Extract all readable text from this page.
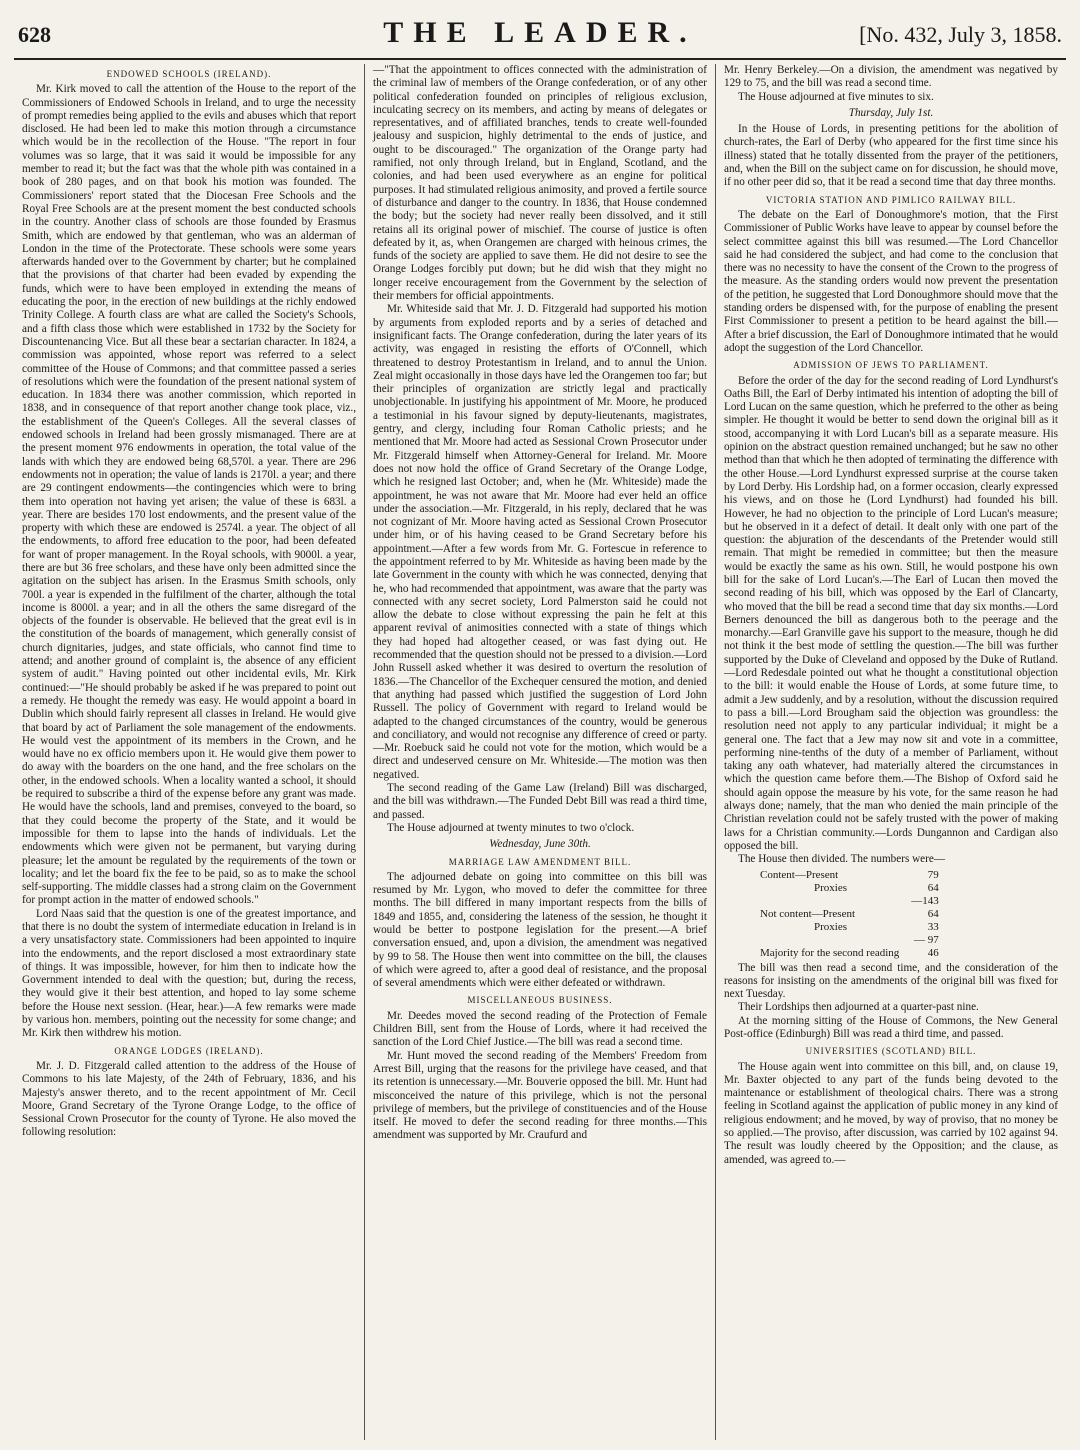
628	THE LEADER.	[No. 432, July 3, 1858.
ENDOWED SCHOOLS (IRELAND).

Mr. Kirk moved to call the attention of the House to the report of the Commissioners of Endowed Schools in Ireland, and to urge the necessity of prompt remedies being applied to the evils and abuses which that report disclosed. He had been led to make this motion through a circumstance which would be in the recollection of the House. "The report in four volumes was so large, that it was said it would be impossible for any member to read it; but the fact was that the whole pith was contained in a book of 280 pages, and on that book his motion was founded. The Commissioners' report stated that the Diocesan Free Schools and the Royal Free Schools are at the present moment the best conducted schools in the country. Another class of schools are those founded by Erasmus Smith, which are endowed by that gentleman, who was an alderman of London in the time of the Protectorate. These schools were some years afterwards handed over to the Government by charter; but he complained that the provisions of that charter had been evaded by expending the funds, which were to have been employed in extending the means of educating the poor, in the erection of new buildings at the richly endowed Trinity College. A fourth class are what are called the Society's Schools, and a fifth class those which were established in 1732 by the Society for Discountenancing Vice. But all these bear a sectarian character. In 1824, a commission was appointed, whose report was referred to a select committee of the House of Commons; and that committee passed a series of resolutions which were the foundation of the present national system of education. In 1834 there was another commission, which reported in 1838, and in consequence of that report another change took place, viz., the establishment of the Queen's Colleges. All the several classes of endowed schools in Ireland had been grossly mismanaged. There are at the present moment 976 endowments in operation, the total value of the lands with which they are endowed being 68,570l. a year. There are 296 endowments not in operation; the value of lands is 2170l. a year; and there are 29 contingent endowments—the contingencies which were to bring them into operation not having yet arisen; the value of these is 683l. a year. There are besides 170 lost endowments, and the present value of the property with which these are endowed is 2574l. a year. The object of all the endowments, to afford free education to the poor, had been defeated for want of proper management. In the Royal schools, with 9000l. a year, there are but 36 free scholars, and these have only been admitted since the agitation on the subject has arisen. In the Erasmus Smith schools, only 700l. a year is expended in the fulfilment of the charter, although the total income is 8000l. a year; and in all the others the same disregard of the objects of the founder is observable. He believed that the great evil is in the constitution of the boards of management, which generally consist of church dignitaries, judges, and state officials, who cannot find time to attend; and another ground of complaint is, the absence of any efficient system of audit." Having pointed out other incidental evils, Mr. Kirk continued:—"He should probably be asked if he was prepared to point out a remedy. He thought the remedy was easy. He would appoint a board in Dublin which should fairly represent all classes in Ireland. He would give that board by act of Parliament the sole management of the endowments. He would vest the appointment of its members in the Crown, and he would have no ex officio members upon it. He would give them power to do away with the boarders on the one hand, and the free scholars on the other, in the endowed schools. When a locality wanted a school, it should be required to subscribe a third of the expense before any grant was made. He would have the schools, land and premises, conveyed to the board, so that they could become the property of the State, and it would be impossible for them to lapse into the hands of individuals. Let the endowments which were given not be permanent, but varying during pleasure; let the amount be regulated by the requirements of the town or locality; and let the board fix the fee to be paid, so as to make the school self-supporting. The middle classes had a strong claim on the Government for prompt action in the matter of endowed schools."

Lord Naas said that the question is one of the greatest importance, and that there is no doubt the system of intermediate education in Ireland is in a very unsatisfactory state. Commissioners had been appointed to inquire into the endowments, and the report disclosed a most extraordinary state of things. It was impossible, however, for him then to indicate how the Government intended to deal with the question; but, during the recess, they would give it their best attention, and hoped to lay some scheme before the House next session. (Hear, hear.)—A few remarks were made by various hon. members, pointing out the necessity for some change; and Mr. Kirk then withdrew his motion.

ORANGE LODGES (IRELAND).

Mr. J. D. Fitzgerald called attention to the address of the House of Commons to his late Majesty, of the 24th of February, 1836, and his Majesty's answer thereto, and to the recent appointment of Mr. Cecil Moore, Grand Secretary of the Tyrone Orange Lodge, to the office of Sessional Crown Prosecutor for the county of Tyrone. He also moved the following resolution:

—"That the appointment to offices connected with the administration of the criminal law of members of the Orange confederation, or of any other political confederation founded on principles of religious exclusion, inculcating secrecy on its members, and acting by means of delegates or representatives, and of affiliated branches, tends to create well-founded jealousy and suspicion, highly detrimental to the ends of justice, and ought to be discouraged." The organization of the Orange party had ramified, not only through Ireland, but in England, Scotland, and the colonies, and had been used everywhere as an engine for political purposes. It had stimulated religious animosity, and proved a fertile source of disturbance and danger to the country. In 1836, that House condemned the body; but the society had never really been dissolved, and it still retains all its original power of mischief. The course of justice is often defeated by it, as, when Orangemen are charged with heinous crimes, the funds of the society are applied to save them. He did not desire to see the Orange Lodges forcibly put down; but he did wish that they might no longer receive encouragement from the Government by the selection of their members for official appointments.

Mr. Whiteside said that Mr. J. D. Fitzgerald had supported his motion by arguments from exploded reports and by a series of detached and insignificant facts. The Orange confederation, during the later years of its activity, was engaged in resisting the efforts of O'Connell, which threatened to destroy Protestantism in Ireland, and to annul the Union. Zeal might occasionally in those days have led the Orangemen too far; but their principles of organization are strictly legal and practically unobjectionable. In justifying his appointment of Mr. Moore, he produced a testimonial in his favour signed by deputy-lieutenants, magistrates, gentry, and clergy, including four Roman Catholic priests; and he mentioned that Mr. Moore had acted as Sessional Crown Prosecutor under Mr. Fitzgerald himself when Attorney-General for Ireland. Mr. Moore does not now hold the office of Grand Secretary of the Orange Lodge, which he resigned last October; and, when he (Mr. Whiteside) made the appointment, he was not aware that Mr. Moore had ever held an office under the association.—Mr. Fitzgerald, in his reply, declared that he was not cognizant of Mr. Moore having acted as Sessional Crown Prosecutor under him, or of his having ceased to be Grand Secretary before his appointment.—After a few words from Mr. G. Fortescue in reference to the appointment referred to by Mr. Whiteside as having been made by the late Government in the county with which he was connected, denying that he, who had recommended that appointment, was aware that the party was connected with any secret society, Lord Palmerston said he could not allow the debate to close without expressing the pain he felt at this apparent revival of animosities connected with a state of things which they had hoped had altogether ceased, or was fast dying out. He recommended that the question should not be pressed to a division.—Lord John Russell asked whether it was desired to overturn the resolution of 1836.—The Chancellor of the Exchequer censured the motion, and denied that anything had passed which justified the suggestion of Lord John Russell. The policy of Government with regard to Ireland would be adapted to the changed circumstances of the country, would be generous and conciliatory, and would not recognise any difference of creed or party.—Mr. Roebuck said he could not vote for the motion, which would be a direct and undeserved censure on Mr. Whiteside.—The motion was then negatived.

The second reading of the Game Law (Ireland) Bill was discharged, and the bill was withdrawn.—The Funded Debt Bill was read a third time, and passed.

The House adjourned at twenty minutes to two o'clock.

Wednesday, June 30th.
MARRIAGE LAW AMENDMENT BILL.

The adjourned debate on going into committee on this bill was resumed by Mr. Lygon, who moved to defer the committee for three months. The bill differed in many important respects from the bills of 1849 and 1855, and, considering the lateness of the session, he thought it would be better to postpone legislation for the present.—A brief conversation ensued, and, upon a division, the amendment was negatived by 99 to 58. The House then went into committee on the bill, the clauses of which were agreed to, after a good deal of resistance, and the proposal of several amendments which were either defeated or withdrawn.

MISCELLANEOUS BUSINESS.

Mr. Deedes moved the second reading of the Protection of Female Children Bill, sent from the House of Lords, where it had received the sanction of the Lord Chief Justice.—The bill was read a second time.

Mr. Hunt moved the second reading of the Members' Freedom from Arrest Bill, urging that the reasons for the privilege have ceased, and that its retention is unnecessary.—Mr. Bouverie opposed the bill. Mr. Hunt had misconceived the nature of this privilege, which is not the personal privilege of members, but the privilege of constituencies and of the House itself. He moved to defer the second reading for three months.—This amendment was supported by Mr. Craufurd and

Mr. Henry Berkeley.—On a division, the amendment was negatived by 129 to 75, and the bill was read a second time.

The House adjourned at five minutes to six.

Thursday, July 1st.

In the House of Lords, in presenting petitions for the abolition of church-rates, the Earl of Derby (who appeared for the first time since his illness) stated that he totally dissented from the prayer of the petitioners, and, when the Bill on the subject came on for discussion, he should move, if no other peer did so, that it be read a second time that day three months.

VICTORIA STATION AND PIMLICO RAILWAY BILL.

The debate on the Earl of Donoughmore's motion, that the First Commissioner of Public Works have leave to appear by counsel before the select committee against this bill was resumed.—The Lord Chancellor said he had considered the subject, and had come to the conclusion that there was no necessity to have the consent of the Crown to the progress of the measure. As the standing orders would now prevent the presentation of the petition, he suggested that Lord Donoughmore should move that the standing orders be dispensed with, for the purpose of enabling the present First Commissioner to present a petition to be heard against the bill.—After a brief discussion, the Earl of Donoughmore intimated that he would adopt the suggestion of the Lord Chancellor.

ADMISSION OF JEWS TO PARLIAMENT.

Before the order of the day for the second reading of Lord Lyndhurst's Oaths Bill, the Earl of Derby intimated his intention of adopting the bill of Lord Lucan on the same question, which he preferred to the other as being simpler. He thought it would be better to send down the original bill as it stood, accompanying it with Lord Lucan's bill as a separate measure. His opinion on the abstract question remained unchanged; but he saw no other method than that which he then adopted of terminating the difference with the other House.—Lord Lyndhurst expressed surprise at the course taken by Lord Derby. His Lordship had, on a former occasion, clearly expressed his views, and on those he (Lord Lyndhurst) had founded his bill. However, he had no objection to the principle of Lord Lucan's measure; but he observed in it a defect of detail. It dealt only with one part of the question: the abjuration of the descendants of the Pretender would still remain. That might be remedied in committee; but then the measure would be exactly the same as his own. Still, he would postpone his own bill for the sake of Lord Lucan's.—The Earl of Lucan then moved the second reading of his bill, which was opposed by the Earl of Clancarty, who moved that the bill be read a second time that day six months.—Lord Berners denounced the bill as dangerous both to the peerage and the monarchy.—Earl Granville gave his support to the measure, though he did not think it the best mode of settling the question.—The bill was further supported by the Duke of Cleveland and opposed by the Duke of Rutland.—Lord Redesdale pointed out what he thought a constitutional objection to the bill: it would enable the House of Lords, at some future time, to admit a Jew suddenly, and by a resolution, without the discussion required to pass a bill.—Lord Brougham said the objection was groundless: the resolution need not apply to any particular individual; it might be a general one. The fact that a Jew may now sit and vote in a committee, performing nine-tenths of the duty of a member of Parliament, without taking any oath whatever, had materially altered the circumstances in which the question came before them.—The Bishop of Oxford said he should again oppose the measure by his vote, for the same reason he had always done; namely, that the man who denied the main principle of the Christian revelation could not be safely trusted with the power of making laws for a Christian community.—Lords Dungannon and Cardigan also opposed the bill.

The House then divided. The numbers were—

Content—Present	79
Proxies	64
	—143
Not content—Present	64
Proxies	33
	— 97
Majority for the second reading	46

The bill was then read a second time, and the consideration of the reasons for insisting on the amendments of the original bill was fixed for next Tuesday.

Their Lordships then adjourned at a quarter-past nine.

At the morning sitting of the House of Commons, the New General Post-office (Edinburgh) Bill was read a third time, and passed.

UNIVERSITIES (SCOTLAND) BILL.

The House again went into committee on this bill, and, on clause 19, Mr. Baxter objected to any part of the funds being devoted to the maintenance or establishment of theological chairs. There was a strong feeling in Scotland against the application of public money in any kind of religious endowment; and he moved, by way of proviso, that no money be so applied.—The proviso, after discussion, was carried by 102 against 94. The result was loudly cheered by the Opposition; and the clause, as amended, was agreed to.—
